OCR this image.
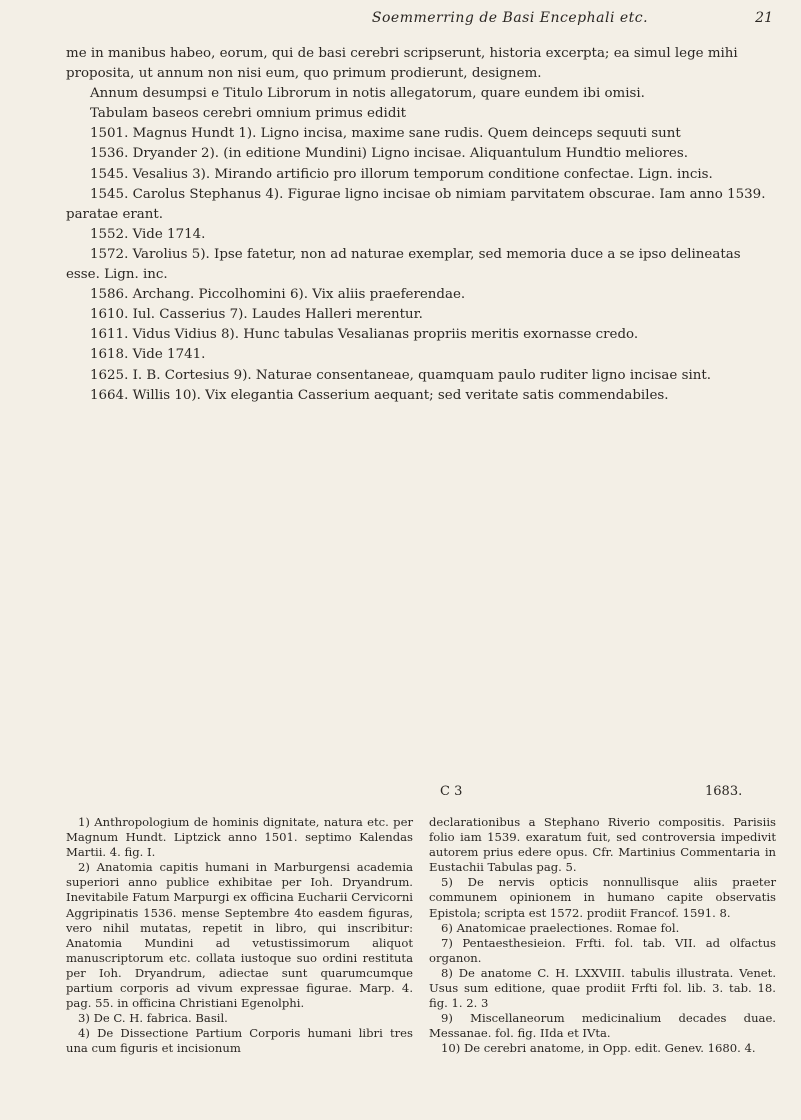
Soemmerring de Basi Encephali etc.	21

me in manibus habeo, eorum, qui de basi cerebri scripserunt, historia excerpta; ea simul lege mihi proposita, ut annum non nisi eum, quo primum prodierunt, designem.

Annum desumpsi e Titulo Librorum in notis allegatorum, quare eundem ibi omisi.

Tabulam baseos cerebri omnium primus edidit

1501. Magnus Hundt 1). Ligno incisa, maxime sane rudis. Quem deinceps sequuti sunt

1536. Dryander 2). (in editione Mundini) Ligno incisae. Aliquantulum Hundtio meliores.

1545. Vesalius 3). Mirando artificio pro illorum temporum conditione confectae. Lign. incis.

1545. Carolus Stephanus 4). Figurae ligno incisae ob nimiam parvitatem obscurae. Iam anno 1539. paratae erant.

1552. Vide 1714.

1572. Varolius 5). Ipse fatetur, non ad naturae exemplar, sed memoria duce a se ipso delineatas esse. Lign. inc.

1586. Archang. Piccolhomini 6). Vix aliis praeferendae.

1610. Iul. Casserius 7). Laudes Halleri merentur.

1611. Vidus Vidius 8). Hunc tabulas Vesalianas propriis meritis exornasse credo.

1618. Vide 1741.

1625. I. B. Cortesius 9). Naturae consentaneae, quamquam paulo ruditer ligno incisae sint.

1664. Willis 10). Vix elegantia Casserium aequant; sed veritate satis commendabiles.

C 3	1683.

1) Anthropologium de hominis dignitate, natura etc. per Magnum Hundt. Liptzick anno 1501. septimo Kalendas Martii. 4. fig. I.

2) Anatomia capitis humani in Marburgensi academia superiori anno publice exhibitae per Ioh. Dryandrum. Inevitabile Fatum Marpurgi ex officina Eucharii Cervicorni Aggripinatis 1536. mense Septembre 4to easdem figuras, vero nihil mutatas, repetit in libro, qui inscribitur: Anatomia Mundini ad vetustissimorum aliquot manuscriptorum etc. collata iustoque suo ordini restituta per Ioh. Dryandrum, adiectae sunt quarumcumque partium corporis ad vivum expressae figurae. Marp. 4. pag. 55. in officina Christiani Egenolphi.

3) De C. H. fabrica. Basil.

4) De Dissectione Partium Corporis humani libri tres una cum figuris et incisionum

declarationibus a Stephano Riverio compositis. Parisiis folio iam 1539. exaratum fuit, sed controversia impedivit autorem prius edere opus. Cfr. Martinius Commentaria in Eustachii Tabulas pag. 5.

5) De nervis opticis nonnullisque aliis praeter communem opinionem in humano capite observatis Epistola; scripta est 1572. prodiit Francof. 1591. 8.

6) Anatomicae praelectiones. Romae fol.

7) Pentaesthesieion. Frfti. fol. tab. VII. ad olfactus organon.

8) De anatome C. H. LXXVIII. tabulis illustrata. Venet. Usus sum editione, quae prodiit Frfti fol. lib. 3. tab. 18. fig. 1. 2. 3

9) Miscellaneorum medicinalium decades duae. Messanae. fol. fig. IIda et IVta.

10) De cerebri anatome, in Opp. edit. Genev. 1680. 4.
